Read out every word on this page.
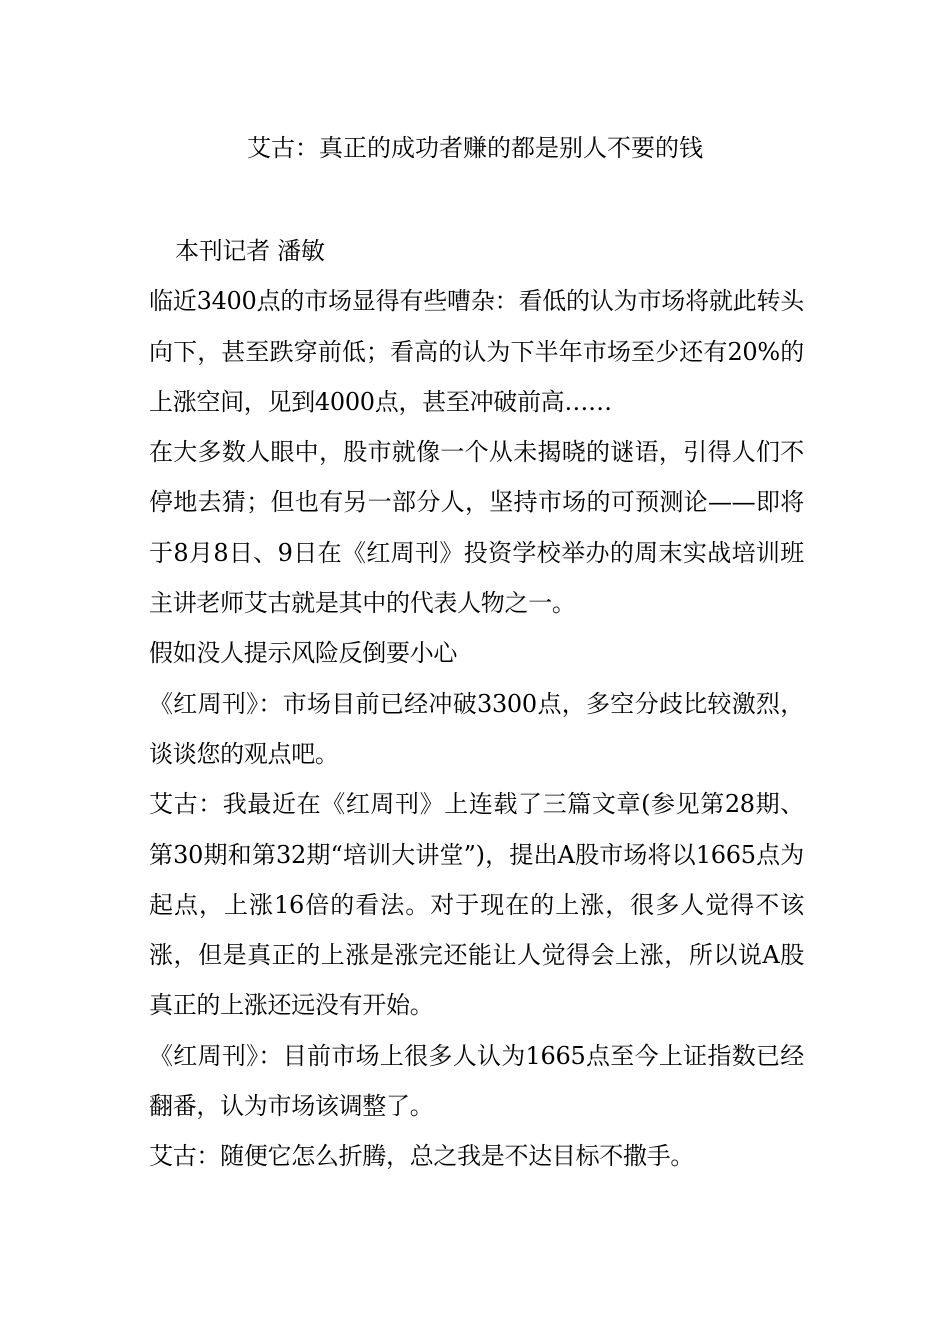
艾古：真正的成功者赚的都是别人不要的钱

本刊记者 潘敏

临近3400点的市场显得有些嘈杂：看低的认为市场将就此转头向下，甚至跌穿前低；看高的认为下半年市场至少还有20%的上涨空间，见到4000点，甚至冲破前高……

在大多数人眼中，股市就像一个从未揭晓的谜语，引得人们不停地去猜；但也有另一部分人，坚持市场的可预测论——即将于8月8日、9日在《红周刊》投资学校举办的周末实战培训班主讲老师艾古就是其中的代表人物之一。

假如没人提示风险反倒要小心

《红周刊》：市场目前已经冲破3300点，多空分歧比较激烈，谈谈您的观点吧。

艾古：我最近在《红周刊》上连载了三篇文章(参见第28期、第30期和第32期“培训大讲堂”)，提出A股市场将以1665点为起点，上涨16倍的看法。对于现在的上涨，很多人觉得不该涨，但是真正的上涨是涨完还能让人觉得会上涨，所以说A股真正的上涨还远没有开始。

《红周刊》：目前市场上很多人认为1665点至今上证指数已经翻番，认为市场该调整了。

艾古：随便它怎么折腾，总之我是不达目标不撒手。
